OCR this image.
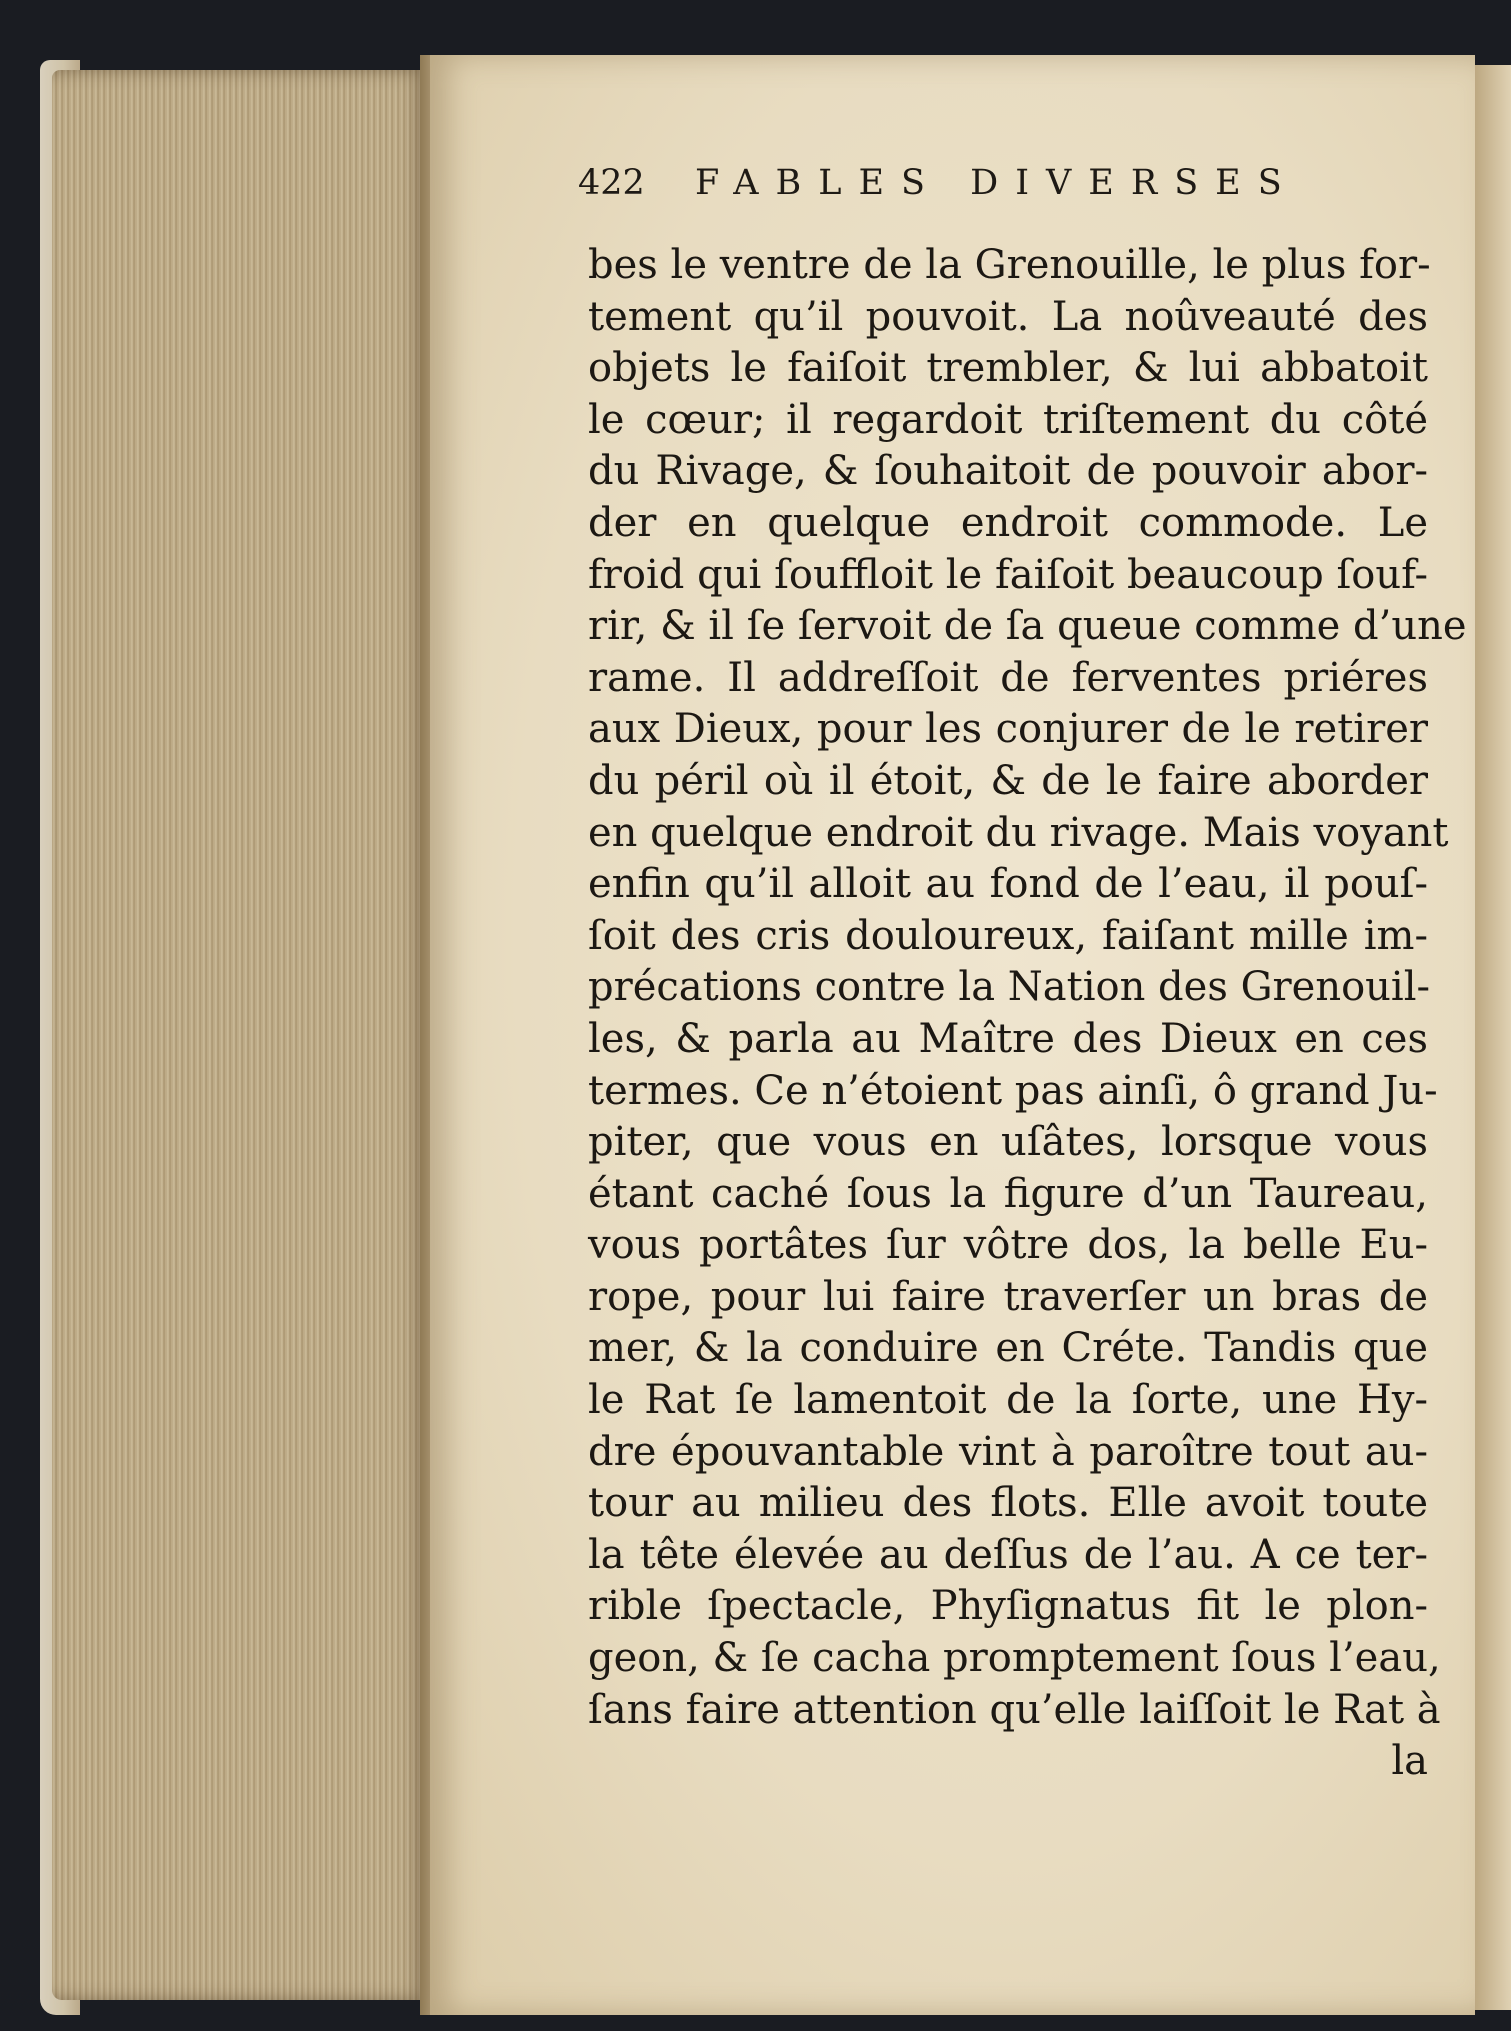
422 FABLES DIVERSES
bes le ventre de la Grenouille, le plus for-
tement qu’il pouvoit. La noûveauté des
objets le faiſoit trembler, & lui abbatoit
le cœur; il regardoit triſtement du côté
du Rivage, & ſouhaitoit de pouvoir abor-
der en quelque endroit commode. Le
froid qui ſouffloit le faiſoit beaucoup ſouf-
rir, & il ſe ſervoit de ſa queue comme d’une
rame. Il addreſſoit de ferventes priéres
aux Dieux, pour les conjurer de le retirer
du péril où il étoit, & de le faire aborder
en quelque endroit du rivage. Mais voyant
enfin qu’il alloit au fond de l’eau, il pouſ-
ſoit des cris douloureux, faiſant mille im-
précations contre la Nation des Grenouil-
les, & parla au Maître des Dieux en ces
termes. Ce n’étoient pas ainſi, ô grand Ju-
piter, que vous en uſâtes, lorsque vous
étant caché ſous la figure d’un Taureau,
vous portâtes ſur vôtre dos, la belle Eu-
rope, pour lui faire traverſer un bras de
mer, & la conduire en Créte. Tandis que
le Rat ſe lamentoit de la ſorte, une Hy-
dre épouvantable vint à paroître tout au-
tour au milieu des flots. Elle avoit toute
la tête élevée au deſſus de l’au. A ce ter-
rible ſpectacle, Phyſignatus fit le plon-
geon, & ſe cacha promptement ſous l’eau,
ſans faire attention qu’elle laiſſoit le Rat à
la
